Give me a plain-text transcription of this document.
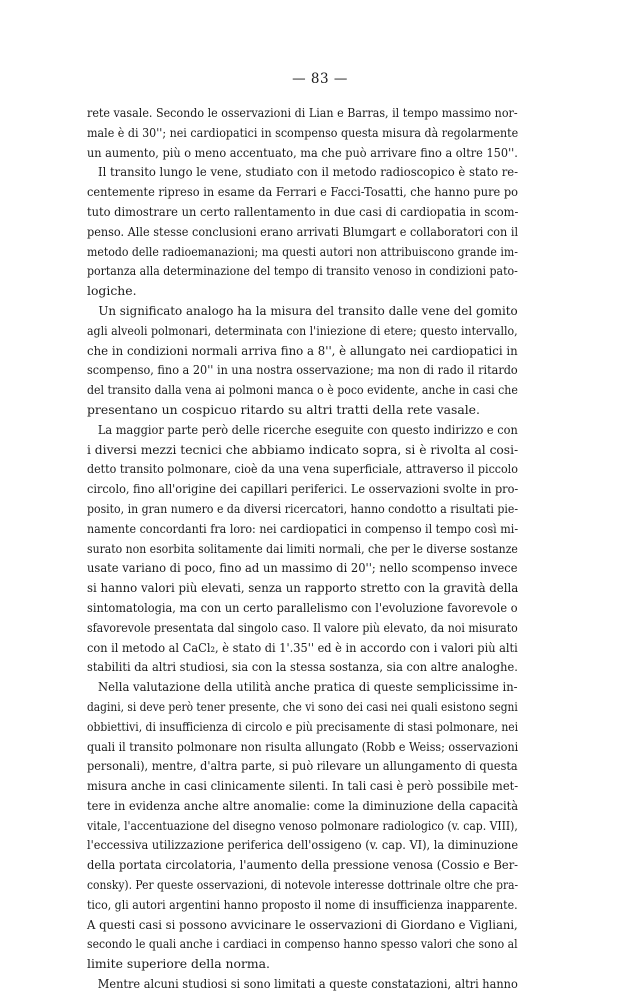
— 83 —
rete vasale. Secondo le osservazioni di Lian e Barras, il tempo massimo nor-
male è di 30''; nei cardiopatici in scompenso questa misura dà regolarmente
un aumento, più o meno accentuato, ma che può arrivare fino a oltre 150''.
Il transito lungo le vene, studiato con il metodo radioscopico è stato re-
centemente ripreso in esame da Ferrari e Facci-Tosatti, che hanno pure po
tuto dimostrare un certo rallentamento in due casi di cardiopatia in scom-
penso. Alle stesse conclusioni erano arrivati Blumgart e collaboratori con il
metodo delle radioemanazioni; ma questi autori non attribuiscono grande im-
portanza alla determinazione del tempo di transito venoso in condizioni pato-
logiche.
Un significato analogo ha la misura del transito dalle vene del gomito
agli alveoli polmonari, determinata con l'iniezione di etere; questo intervallo,
che in condizioni normali arriva fino a 8'', è allungato nei cardiopatici in
scompenso, fino a 20'' in una nostra osservazione; ma non di rado il ritardo
del transito dalla vena ai polmoni manca o è poco evidente, anche in casi che
presentano un cospicuo ritardo su altri tratti della rete vasale.
La maggior parte però delle ricerche eseguite con questo indirizzo e con
i diversi mezzi tecnici che abbiamo indicato sopra, si è rivolta al cosi-
detto transito polmonare, cioè da una vena superficiale, attraverso il piccolo
circolo, fino all'origine dei capillari periferici. Le osservazioni svolte in pro-
posito, in gran numero e da diversi ricercatori, hanno condotto a risultati pie-
namente concordanti fra loro: nei cardiopatici in compenso il tempo così mi-
surato non esorbita solitamente dai limiti normali, che per le diverse sostanze
usate variano di poco, fino ad un massimo di 20''; nello scompenso invece
si hanno valori più elevati, senza un rapporto stretto con la gravità della
sintomatologia, ma con un certo parallelismo con l'evoluzione favorevole o
sfavorevole presentata dal singolo caso. Il valore più elevato, da noi misurato
con il metodo al CaCl₂, è stato di 1'.35'' ed è in accordo con i valori più alti
stabiliti da altri studiosi, sia con la stessa sostanza, sia con altre analoghe.
Nella valutazione della utilità anche pratica di queste semplicissime in-
dagini, si deve però tener presente, che vi sono dei casi nei quali esistono segni
obbiettivi, di insufficienza di circolo e più precisamente di stasi polmonare, nei
quali il transito polmonare non risulta allungato (Robb e Weiss; osservazioni
personali), mentre, d'altra parte, si può rilevare un allungamento di questa
misura anche in casi clinicamente silenti. In tali casi è però possibile met-
tere in evidenza anche altre anomalie: come la diminuzione della capacità
vitale, l'accentuazione del disegno venoso polmonare radiologico (v. cap. VIII),
l'eccessiva utilizzazione periferica dell'ossigeno (v. cap. VI), la diminuzione
della portata circolatoria, l'aumento della pressione venosa (Cossio e Ber-
consky). Per queste osservazioni, di notevole interesse dottrinale oltre che pra-
tico, gli autori argentini hanno proposto il nome di insufficienza inapparente.
A questi casi si possono avvicinare le osservazioni di Giordano e Vigliani,
secondo le quali anche i cardiaci in compenso hanno spesso valori che sono al
limite superiore della norma.
Mentre alcuni studiosi si sono limitati a queste constatazioni, altri hanno
